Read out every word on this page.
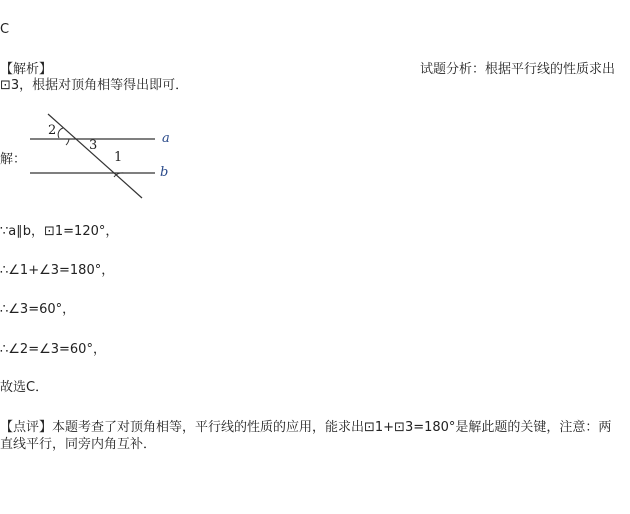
C
【解析】	试题分析：根据平行线的性质求出
⊡3，根据对顶角相等得出即可．
解：
2
3
1
a
b
∵a∥b，⊡1=120°，
∴∠1+∠3=180°，
∴∠3=60°，
∴∠2=∠3=60°，
故选C．
【点评】本题考查了对顶角相等，平行线的性质的应用，能求出⊡1+⊡3=180°是解此题的关键，注意：两
直线平行，同旁内角互补．
